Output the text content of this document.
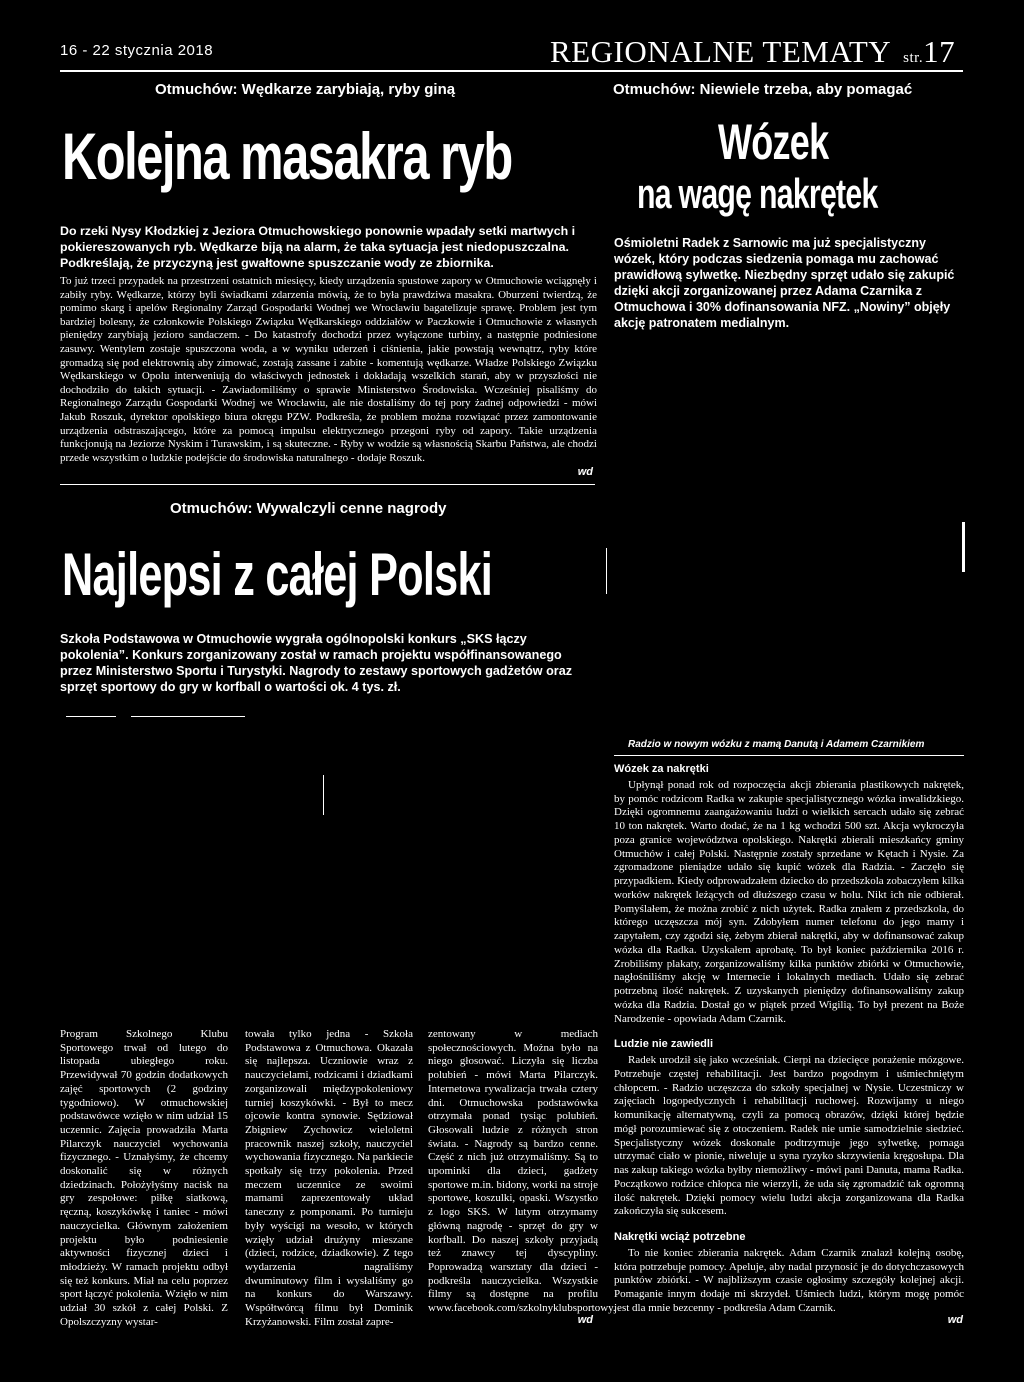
16 - 22 stycznia 2018	REGIONALNE TEMATY str.17
Otmuchów: Wędkarze zarybiają, ryby giną
Kolejna masakra ryb
Do rzeki Nysy Kłodzkiej z Jeziora Otmuchowskiego ponownie wpadały setki martwych i pokiereszowanych ryb. Wędkarze biją na alarm, że taka sytuacja jest niedopuszczalna. Podkreślają, że przyczyną jest gwałtowne spuszczanie wody ze zbiornika.
To już trzeci przypadek na przestrzeni ostatnich miesięcy, kiedy urządzenia spustowe zapory w Otmuchowie wciągnęły i zabiły ryby. Wędkarze, którzy byli świadkami zdarzenia mówią, że to była prawdziwa masakra. Oburzeni twierdzą, że pomimo skarg i apelów Regionalny Zarząd Gospodarki Wodnej we Wrocławiu bagatelizuje sprawę. Problem jest tym bardziej bolesny, że członkowie Polskiego Związku Wędkarskiego oddziałów w Paczkowie i Otmuchowie z własnych pieniędzy zarybiają jezioro sandaczem. - Do katastrofy dochodzi przez wyłączone turbiny, a następnie podniesione zasuwy. Wentylem zostaje spuszczona woda, a w wyniku uderzeń i ciśnienia, jakie powstają wewnątrz, ryby które gromadzą się pod elektrownią aby zimować, zostają zassane i zabite - komentują wędkarze. Władze Polskiego Związku Wędkarskiego w Opolu interweniują do właściwych jednostek i dokładają wszelkich starań, aby w przyszłości nie dochodziło do takich sytuacji. - Zawiadomiliśmy o sprawie Ministerstwo Środowiska. Wcześniej pisaliśmy do Regionalnego Zarządu Gospodarki Wodnej we Wrocławiu, ale nie dostaliśmy do tej pory żadnej odpowiedzi - mówi Jakub Roszuk, dyrektor opolskiego biura okręgu PZW. Podkreśla, że problem można rozwiązać przez zamontowanie urządzenia odstraszającego, które za pomocą impulsu elektrycznego przegoni ryby od zapory. Takie urządzenia funkcjonują na Jeziorze Nyskim i Turawskim, i są skuteczne. - Ryby w wodzie są własnością Skarbu Państwa, ale chodzi przede wszystkim o ludzkie podejście do środowiska naturalnego - dodaje Roszuk.
wd
Otmuchów: Wywalczyli cenne nagrody
Najlepsi z całej Polski
Szkoła Podstawowa w Otmuchowie wygrała ogólnopolski konkurs „SKS łączy pokolenia”. Konkurs zorganizowany został w ramach projektu współfinansowanego przez Ministerstwo Sportu i Turystyki. Nagrody to zestawy sportowych gadżetów oraz sprzęt sportowy do gry w korfball o wartości ok. 4 tys. zł.
Program Szkolnego Klubu Sportowego trwał od lutego do listopada ubiegłego roku. Przewidywał 70 godzin dodatkowych zajęć sportowych (2 godziny tygodniowo). W otmuchowskiej podstawówce wzięło w nim udział 15 uczennic. Zajęcia prowadziła Marta Pilarczyk nauczyciel wychowania fizycznego. - Uznałyśmy, że chcemy doskonalić się w różnych dziedzinach. Położyłyśmy nacisk na gry zespołowe: piłkę siatkową, ręczną, koszykówkę i taniec - mówi nauczycielka. Głównym założeniem projektu było podniesienie aktywności fizycznej dzieci i młodzieży. W ramach projektu odbył się też konkurs. Miał na celu poprzez sport łączyć pokolenia. Wzięło w nim udział 30 szkół z całej Polski. Z Opolszczyzny wystar-
towała tylko jedna - Szkoła Podstawowa z Otmuchowa. Okazała się najlepsza. Uczniowie wraz z nauczycielami, rodzicami i dziadkami zorganizowali międzypokoleniowy turniej koszykówki. - Był to mecz ojcowie kontra synowie. Sędziował Zbigniew Zychowicz wieloletni pracownik naszej szkoły, nauczyciel wychowania fizycznego. Na parkiecie spotkały się trzy pokolenia. Przed meczem uczennice ze swoimi mamami zaprezentowały układ taneczny z pomponami. Po turnieju były wyścigi na wesoło, w których wzięły udział drużyny mieszane (dzieci, rodzice, dziadkowie). Z tego wydarzenia nagraliśmy dwuminutowy film i wysłaliśmy go na konkurs do Warszawy. Współtwórcą filmu był Dominik Krzyżanowski. Film został zapre-
zentowany w mediach społecznościowych. Można było na niego głosować. Liczyła się liczba polubień - mówi Marta Pilarczyk. Internetowa rywalizacja trwała cztery dni. Otmuchowska podstawówka otrzymała ponad tysiąc polubień. Głosowali ludzie z różnych stron świata. - Nagrody są bardzo cenne. Część z nich już otrzymaliśmy. Są to upominki dla dzieci, gadżety sportowe m.in. bidony, worki na stroje sportowe, koszulki, opaski. Wszystko z logo SKS. W lutym otrzymamy główną nagrodę - sprzęt do gry w korfball. Do naszej szkoły przyjadą też znawcy tej dyscypliny. Poprowadzą warsztaty dla dzieci - podkreśla nauczycielka. Wszystkie filmy są dostępne na profilu www.facebook.com/szkolnyklubsportowy.
wd
Otmuchów: Niewiele trzeba, aby pomagać
Wózek
na wagę nakrętek
Ośmioletni Radek z Sarnowic ma już specjalistyczny wózek, który podczas siedzenia pomaga mu zachować prawidłową sylwetkę. Niezbędny sprzęt udało się zakupić dzięki akcji zorganizowanej przez Adama Czarnika z Otmuchowa i 30% dofinansowania NFZ. „Nowiny” objęły akcję patronatem medialnym.
Radzio w nowym wózku z mamą Danutą i Adamem Czarnikiem
Wózek za nakrętki

Upłynął ponad rok od rozpoczęcia akcji zbierania plastikowych nakrętek, by pomóc rodzicom Radka w zakupie specjalistycznego wózka inwalidzkiego. Dzięki ogromnemu zaangażowaniu ludzi o wielkich sercach udało się zebrać 10 ton nakrętek. Warto dodać, że na 1 kg wchodzi 500 szt. Akcja wykroczyła poza granice województwa opolskiego. Nakrętki zbierali mieszkańcy gminy Otmuchów i całej Polski. Następnie zostały sprzedane w Kętach i Nysie. Za zgromadzone pieniądze udało się kupić wózek dla Radzia. - Zaczęło się przypadkiem. Kiedy odprowadzałem dziecko do przedszkola zobaczyłem kilka worków nakrętek leżących od dłuższego czasu w holu. Nikt ich nie odbierał. Pomyślałem, że można zrobić z nich użytek. Radka znałem z przedszkola, do którego uczęszcza mój syn. Zdobyłem numer telefonu do jego mamy i zapytałem, czy zgodzi się, żebym zbierał nakrętki, aby w dofinansować zakup wózka dla Radka. Uzyskałem aprobatę. To był koniec października 2016 r. Zrobiliśmy plakaty, zorganizowaliśmy kilka punktów zbiórki w Otmuchowie, nagłośniliśmy akcję w Internecie i lokalnych mediach. Udało się zebrać potrzebną ilość nakrętek. Z uzyskanych pieniędzy dofinansowaliśmy zakup wózka dla Radzia. Dostał go w piątek przed Wigilią. To był prezent na Boże Narodzenie - opowiada Adam Czarnik.

Ludzie nie zawiedli

Radek urodził się jako wcześniak. Cierpi na dziecięce porażenie mózgowe. Potrzebuje częstej rehabilitacji. Jest bardzo pogodnym i uśmiechniętym chłopcem. - Radzio uczęszcza do szkoły specjalnej w Nysie. Uczestniczy w zajęciach logopedycznych i rehabilitacji ruchowej. Rozwijamy u niego komunikację alternatywną, czyli za pomocą obrazów, dzięki której będzie mógł porozumiewać się z otoczeniem. Radek nie umie samodzielnie siedzieć. Specjalistyczny wózek doskonale podtrzymuje jego sylwetkę, pomaga utrzymać ciało w pionie, niweluje u syna ryzyko skrzywienia kręgosłupa. Dla nas zakup takiego wózka byłby niemożliwy - mówi pani Danuta, mama Radka. Początkowo rodzice chłopca nie wierzyli, że uda się zgromadzić tak ogromną ilość nakrętek. Dzięki pomocy wielu ludzi akcja zorganizowana dla Radka zakończyła się sukcesem.

Nakrętki wciąż potrzebne

To nie koniec zbierania nakrętek. Adam Czarnik znalazł kolejną osobę, która potrzebuje pomocy. Apeluje, aby nadal przynosić je do dotychczasowych punktów zbiórki. - W najbliższym czasie ogłosimy szczegóły kolejnej akcji. Pomaganie innym dodaje mi skrzydeł. Uśmiech ludzi, którym mogę pomóc jest dla mnie bezcenny - podkreśla Adam Czarnik.

wd
